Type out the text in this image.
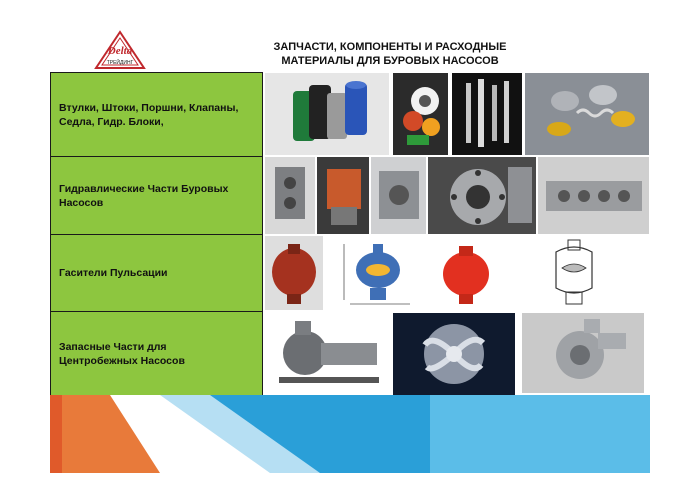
Delta
ТРЕЙДИНГ
ЗАПЧАСТИ, КОМПОНЕНТЫ И РАСХОДНЫЕ
МАТЕРИАЛЫ ДЛЯ БУРОВЫХ НАСОСОВ
Втулки, Штоки, Поршни, Клапаны,
Седла, Гидр. Блоки,
Гидравлические Части Буровых
Насосов
Гасители Пульсации
Запасные Части для
Центробежных Насосов
